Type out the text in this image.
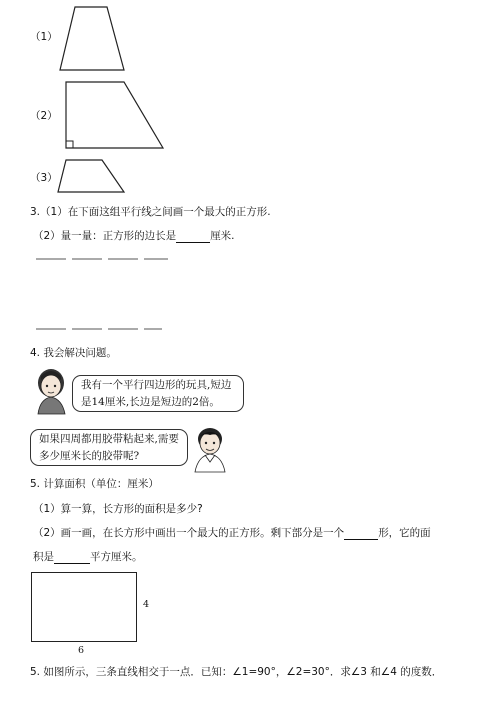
（1）
（2）
（3）
3.（1）在下面这组平行线之间画一个最大的正方形.
（2）量一量：正方形的边长是	厘米.
4. 我会解决问题。
我有一个平行四边形的玩具,短边是14厘米,长边是短边的2倍。
如果四周都用胶带粘起来,需要多少厘米长的胶带呢?
5. 计算面积（单位：厘米）
（1）算一算，长方形的面积是多少?
（2）画一画，在长方形中画出一个最大的正方形。剩下部分是一个	形，它的面
积是	平方厘米。
4
6
5. 如图所示，三条直线相交于一点．已知：∠1=90°，∠2=30°．求∠3 和∠4 的度数．
